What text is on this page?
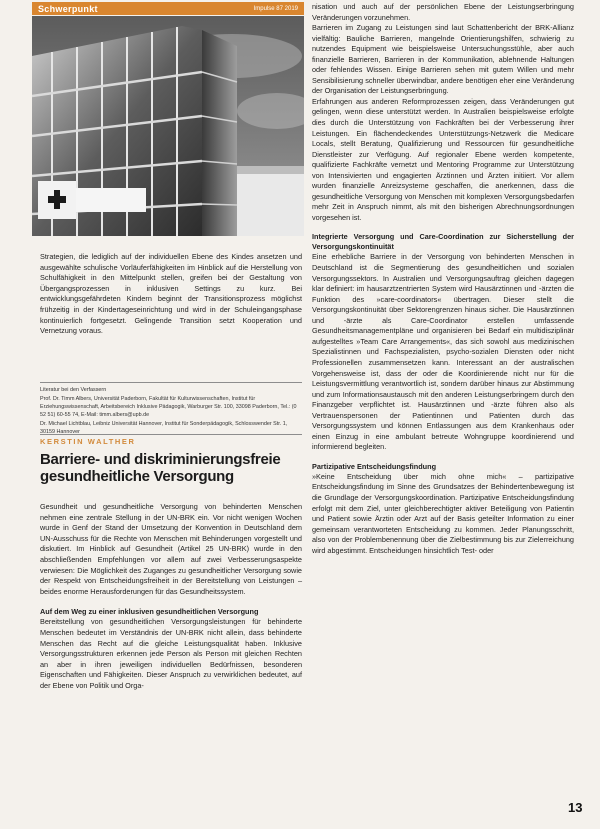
Schwerpunkt	Impulse 87 2019
Strategien, die lediglich auf der individuellen Ebene des Kindes ansetzen und ausgewählte schulische Vorläuferfähigkeiten im Hinblick auf die Herstellung von Schulfähigkeit in den Mittelpunkt stellen, greifen bei der Gestaltung von Übergangsprozessen in inklusiven Settings zu kurz. Bei entwicklungsgefährdeten Kindern beginnt der Transitionsprozess möglichst frühzeitig in der Kindertageseinrichtung und wird in der Schuleingangsphase kontinuierlich fortgesetzt. Gelingende Transition setzt Kooperation und Vernetzung voraus.

Literatur bei den Verfassern

Prof. Dr. Timm Albers, Universität Paderborn, Fakultät für Kulturwissenschaften, Institut für Erziehungswissenschaft, Arbeitsbereich Inklusive Pädagogik, Warburger Str. 100, 33098 Paderborn, Tel.: (0 52 51) 60-55 74, E-Mail: timm.albers@upb.de

Dr. Michael Lichtblau, Leibniz Universität Hannover, Institut für Sonderpädagogik, Schlosswender Str. 1, 30159 Hannover

KERSTIN WALTHER
Barriere- und diskriminierungsfreie gesundheitliche Versorgung

Gesundheit und gesundheitliche Versorgung von behinderten Menschen nehmen eine zentrale Stellung in der UN-BRK ein. Vor nicht wenigen Wochen wurde in Genf der Stand der Umsetzung der Konvention in Deutschland dem UN-Ausschuss für die Rechte von Menschen mit Behinderungen vorgestellt und diskutiert. Im Hinblick auf Gesundheit (Artikel 25 UN-BRK) wurde in den abschließenden Empfehlungen vor allem auf zwei Verbesserungsaspekte verwiesen: Die Möglichkeit des Zuganges zu gesundheitlicher Versorgung sowie der Respekt von Entscheidungsfreiheit in der Bereitstellung von Leistungen – beides enorme Herausforderungen für das Gesundheitssystem.

Auf dem Weg zu einer inklusiven gesundheitlichen Versorgung

Bereitstellung von gesundheitlichen Versorgungsleistungen für behinderte Menschen bedeutet im Verständnis der UN-BRK nicht allein, dass behinderte Menschen das Recht auf die gleiche Leistungsqualität haben. Inklusive Versorgungsstrukturen erkennen jede Person als Person mit gleichen Rechten an aber in ihren jeweiligen individuellen Bedürfnissen, besonderen Eigenschaften und Fähigkeiten. Dieser Anspruch zu verwirklichen bedeutet, auf der Ebene von Politik und Orga-

nisation und auch auf der persönlichen Ebene der Leistungserbringung Veränderungen vorzunehmen.

Barrieren im Zugang zu Leistungen sind laut Schattenbericht der BRK-Allianz vielfältig: Bauliche Barrieren, mangelnde Orientierungshilfen, schwierig zu nutzendes Equipment wie beispielsweise Untersuchungsstühle, aber auch finanzielle Barrieren, Barrieren in der Kommunikation, ablehnende Haltungen oder fehlendes Wissen. Einige Barrieren sehen mit gutem Willen und mehr Sensibilisierung schneller überwindbar, andere benötigen eher eine Veränderung der Organisation der Leistungserbringung.

Erfahrungen aus anderen Reformprozessen zeigen, dass Veränderungen gut gelingen, wenn diese unterstützt werden. In Australien beispielsweise erfolgte dies durch die Unterstützung von Fachkräften bei der Verbesserung ihrer Leistungen. Ein flächendeckendes Unterstützungs-Netzwerk die Medicare Locals, stellt Beratung, Qualifizierung und Ressourcen für gesundheitliche Dienstleister zur Verfügung. Auf regionaler Ebene werden kompetente, qualifizierte Fachkräfte vernetzt und Mentoring Programme zur Unterstützung von Intensivierten und engagierten Ärztinnen und Ärzten initiiert. Vor allem wurden finanzielle Anreizsysteme geschaffen, die anerkennen, dass die gesundheitliche Versorgung von Menschen mit komplexen Versorgungsbedarfen mehr Zeit in Anspruch nimmt, als mit den bisherigen Abrechnungsordnungen vorgesehen ist.

Integrierte Versorgung und Care-Coordination zur Sicherstellung der Versorgungskontinuität

Eine erhebliche Barriere in der Versorgung von behinderten Menschen in Deutschland ist die Segmentierung des gesundheitlichen und sozialen Versorgungssektors. In Australien und Versorgungsauftrag gleichen dagegen klar definiert: im hausarztzentrierten System wird Hausärztinnen und -ärzten die Funktion des »care-coordinators« übertragen. Dieser stellt die Versorgungskontinuität über Sektorengrenzen hinaus sicher. Die Hausärztinnen und -ärzte als Care-Coordinator erstellen umfassende Gesundheitsmanagementpläne und organisieren bei Bedarf ein multidisziplinär aufgestelltes »Team Care Arrangements«, das sich sowohl aus medizinischen Spezialistinnen und Fachspezialisten, psycho-sozialen Diensten oder nicht Professionellen zusammensetzen kann. Interessant an der australischen Vorgehensweise ist, dass der oder die Koordinierende nicht nur für die Leistungsvermittlung verantwortlich ist, sondern darüber hinaus zur Abstimmung und zum Informationsaustausch mit den anderen Leistungserbringern durch den Finanzgeber verpflichtet ist. Hausärztinnen und -ärzte führen also als Vertrauenspersonen der Patientinnen und Patienten durch das Versorgungssystem und können Entlassungen aus dem Krankenhaus oder einen Einzug in eine ambulant betreute Wohngruppe koordinierend und informierend begleiten.

Partizipative Entscheidungsfindung

»Keine Entscheidung über mich ohne mich« – partizipative Entscheidungsfindung im Sinne des Grundsatzes der Behindertenbewegung ist die Grundlage der Versorgungskoordination. Partizipative Entscheidungsfindung erfolgt mit dem Ziel, unter gleichberechtigter aktiver Beteiligung von Patientin und Patient sowie Ärztin oder Arzt auf der Basis geteilter Information zu einer gemeinsam verantworteten Entscheidung zu kommen. Jeder Planungsschritt, also von der Problembenennung über die Zielbestimmung bis zur Zielerreichung wird abgestimmt. Entscheidungen hinsichtlich Test- oder

13
